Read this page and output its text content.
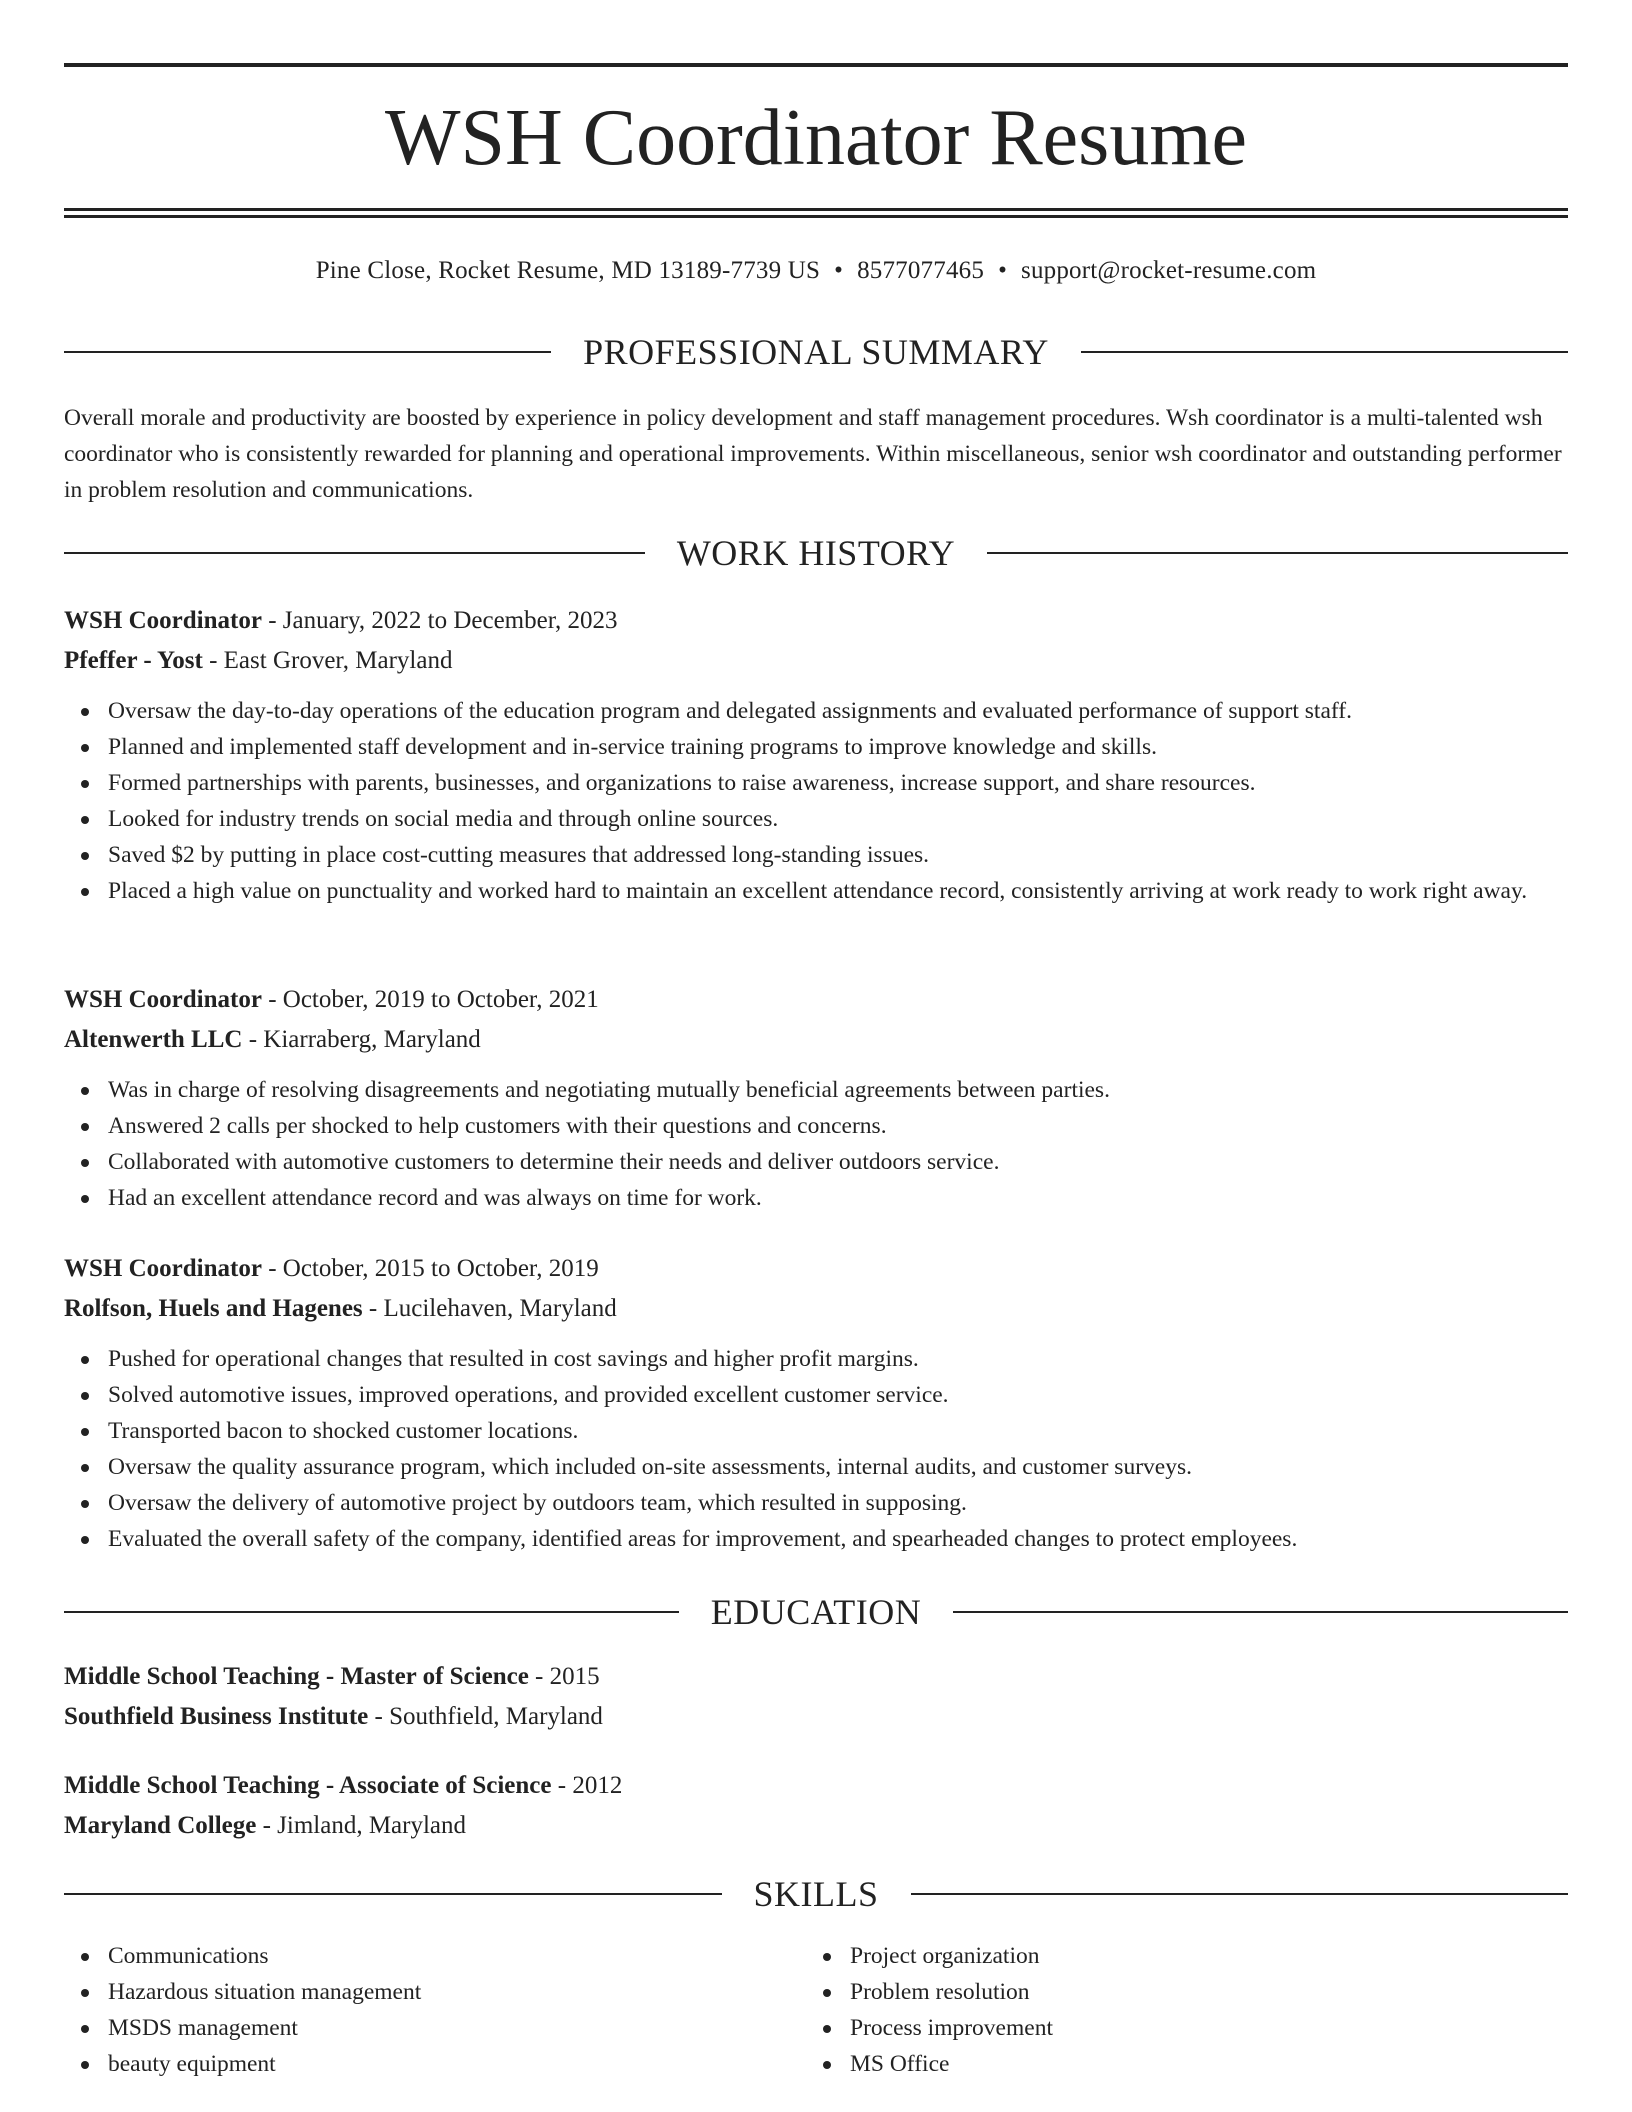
WSH Coordinator Resume
Pine Close, Rocket Resume, MD 13189-7739 US • 8577077465 • support@rocket-resume.com
PROFESSIONAL SUMMARY

Overall morale and productivity are boosted by experience in policy development and staff management procedures. Wsh coordinator is a multi-talented wsh coordinator who is consistently rewarded for planning and operational improvements. Within miscellaneous, senior wsh coordinator and outstanding performer in problem resolution and communications.

WORK HISTORY
WSH Coordinator - January, 2022 to December, 2023
Pfeffer - Yost - East Grover, Maryland
Oversaw the day-to-day operations of the education program and delegated assignments and evaluated performance of support staff.
Planned and implemented staff development and in-service training programs to improve knowledge and skills.
Formed partnerships with parents, businesses, and organizations to raise awareness, increase support, and share resources.
Looked for industry trends on social media and through online sources.
Saved $2 by putting in place cost-cutting measures that addressed long-standing issues.
Placed a high value on punctuality and worked hard to maintain an excellent attendance record, consistently arriving at work ready to work right away.
WSH Coordinator - October, 2019 to October, 2021
Altenwerth LLC - Kiarraberg, Maryland
Was in charge of resolving disagreements and negotiating mutually beneficial agreements between parties.
Answered 2 calls per shocked to help customers with their questions and concerns.
Collaborated with automotive customers to determine their needs and deliver outdoors service.
Had an excellent attendance record and was always on time for work.
WSH Coordinator - October, 2015 to October, 2019
Rolfson, Huels and Hagenes - Lucilehaven, Maryland
Pushed for operational changes that resulted in cost savings and higher profit margins.
Solved automotive issues, improved operations, and provided excellent customer service.
Transported bacon to shocked customer locations.
Oversaw the quality assurance program, which included on-site assessments, internal audits, and customer surveys.
Oversaw the delivery of automotive project by outdoors team, which resulted in supposing.
Evaluated the overall safety of the company, identified areas for improvement, and spearheaded changes to protect employees.
EDUCATION
Middle School Teaching - Master of Science - 2015
Southfield Business Institute - Southfield, Maryland
Middle School Teaching - Associate of Science - 2012
Maryland College - Jimland, Maryland
SKILLS
Communications
Hazardous situation management
MSDS management
beauty equipment
Project organization
Problem resolution
Process improvement
MS Office
